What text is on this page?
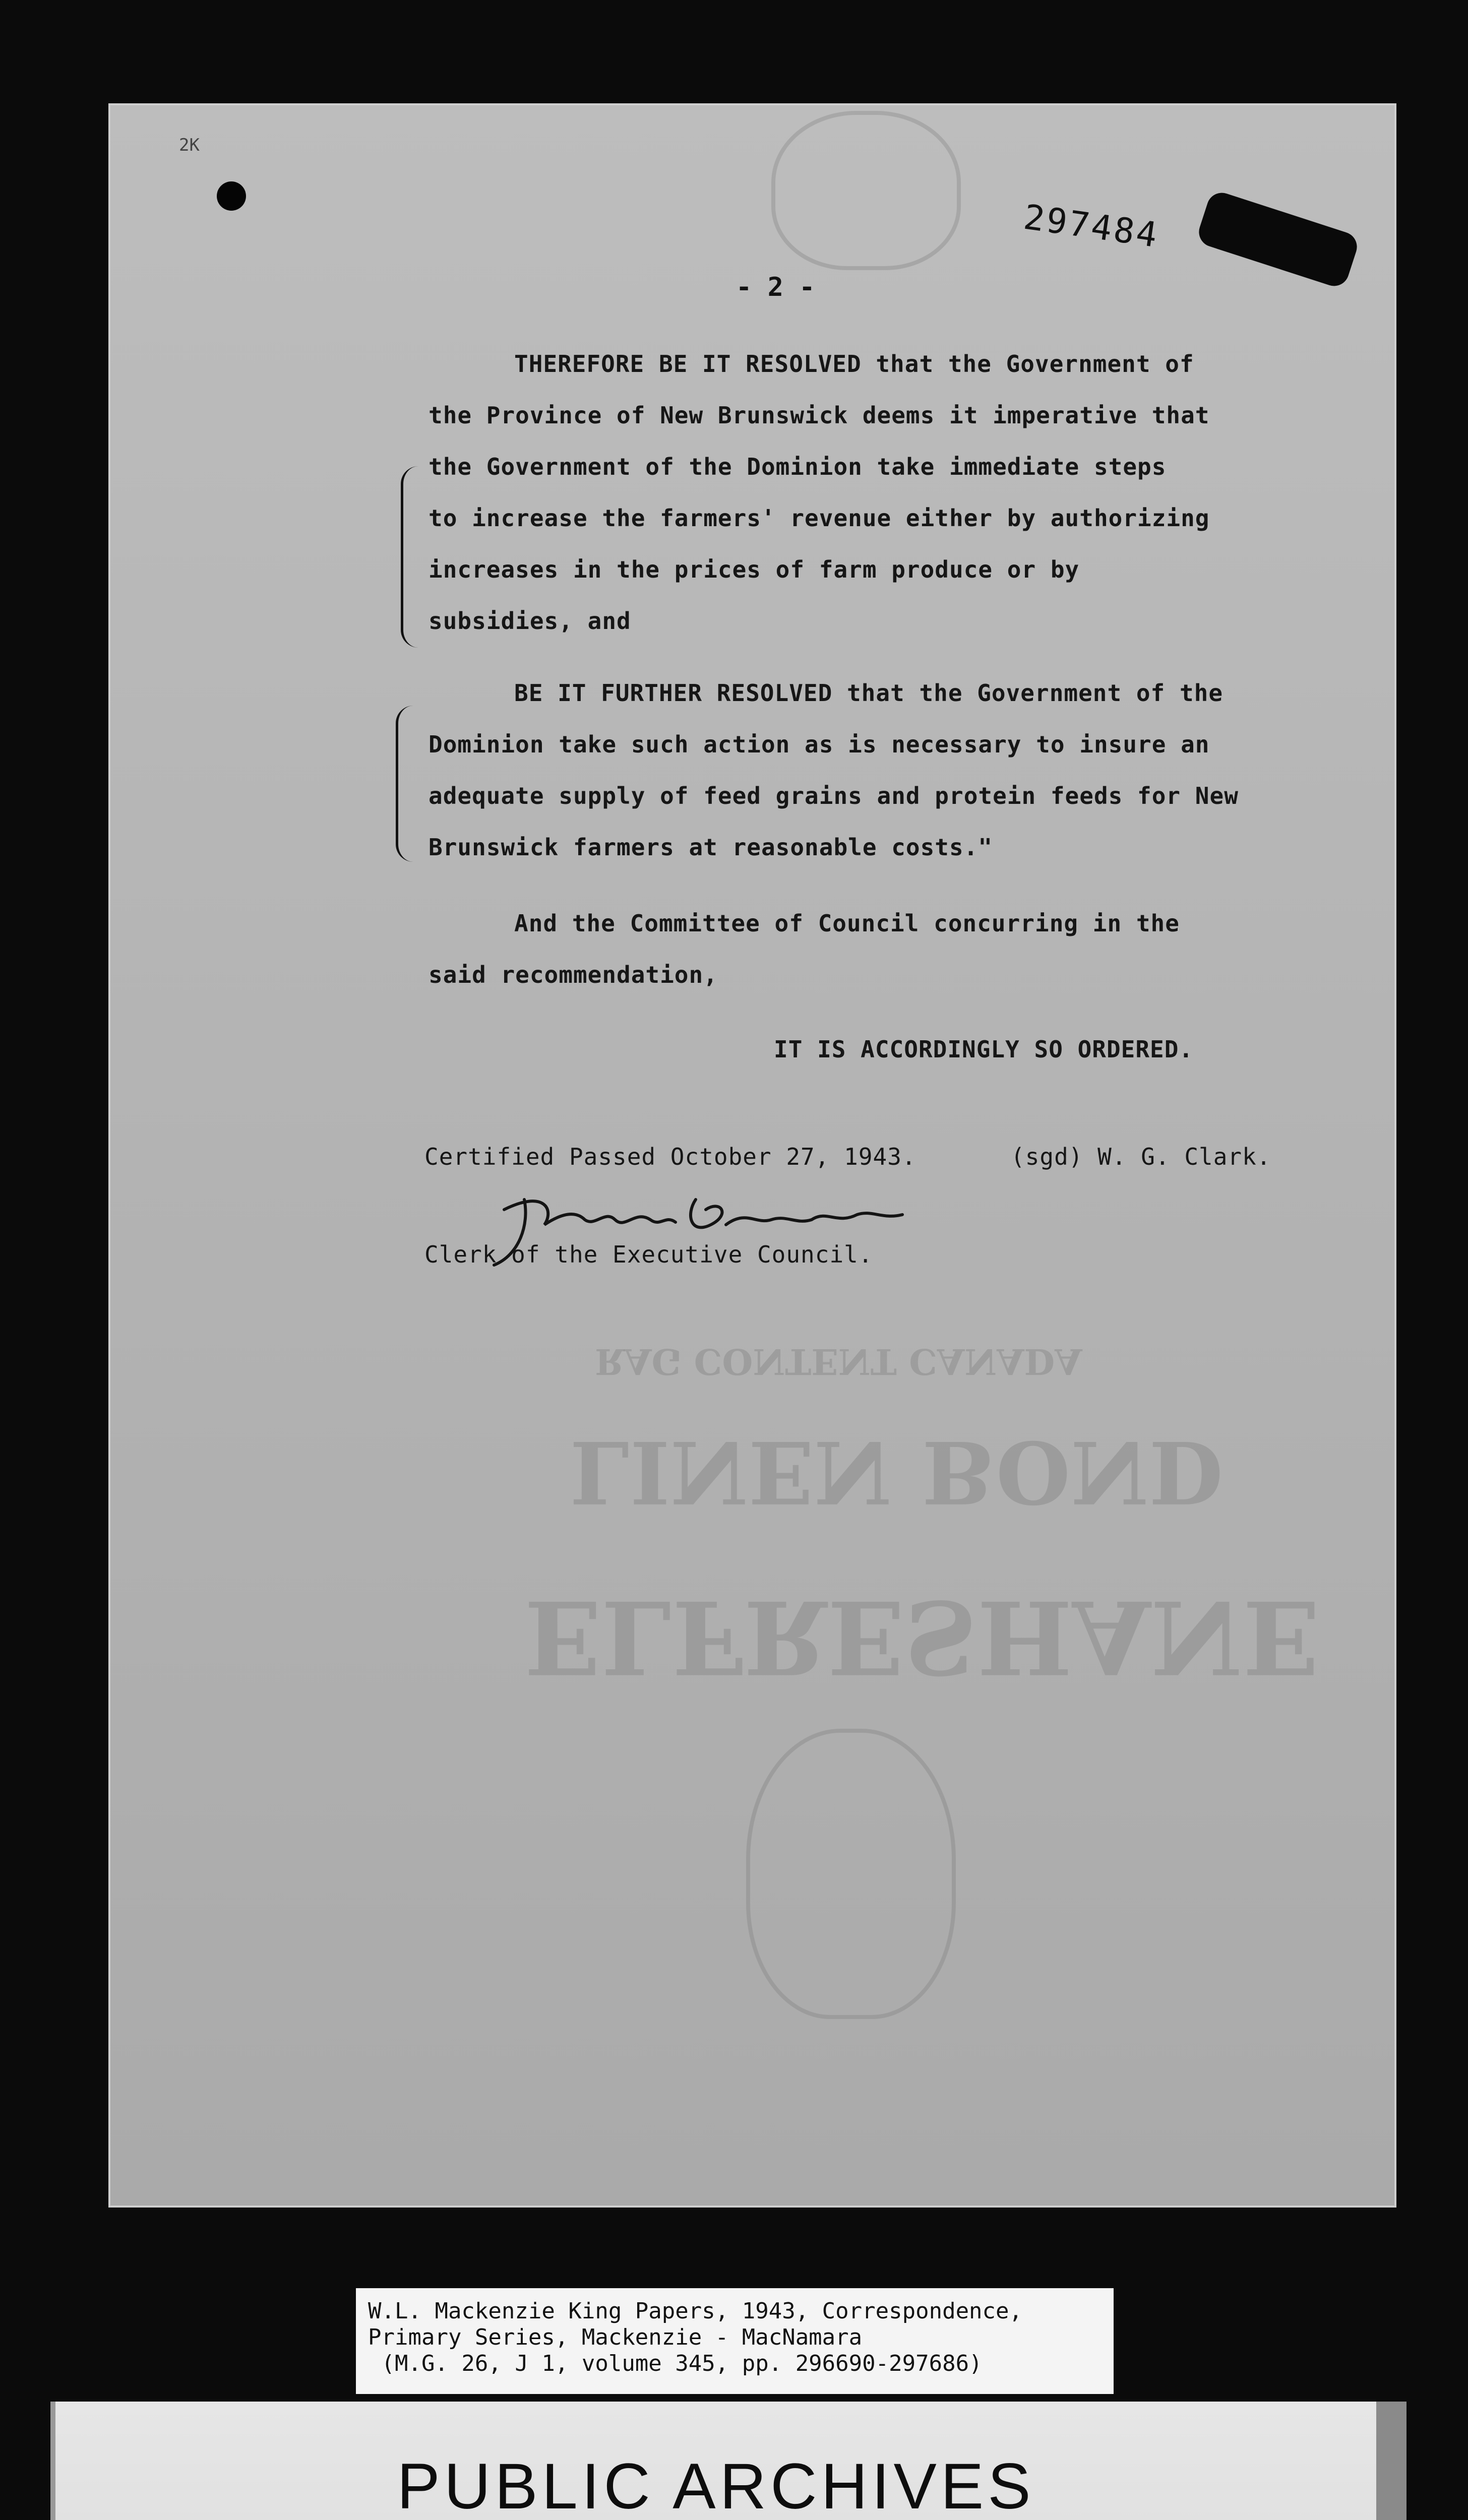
2K
297484
RAG CONTENT CANADA
LINEN BOND
ELFRESHANE
- 2 -
THEREFORE BE IT RESOLVED that the Government of
the Province of New Brunswick deems it imperative that
the Government of the Dominion take immediate steps
to increase the farmers' revenue either by authorizing
increases in the prices of farm produce or by
subsidies, and
BE IT FURTHER RESOLVED that the Government of the
Dominion take such action as is necessary to insure an
adequate supply of feed grains and protein feeds for New
Brunswick farmers at reasonable costs."
And the Committee of Council concurring in the
said recommendation,
IT IS ACCORDINGLY SO ORDERED.
Certified Passed October 27, 1943.	(sgd) W. G. Clark.
Clerk of the Executive Council.
W.L. Mackenzie King Papers, 1943, Correspondence,
Primary Series, Mackenzie - MacNamara
(M.G. 26, J 1, volume 345, pp. 296690-297686)
PUBLIC ARCHIVES
